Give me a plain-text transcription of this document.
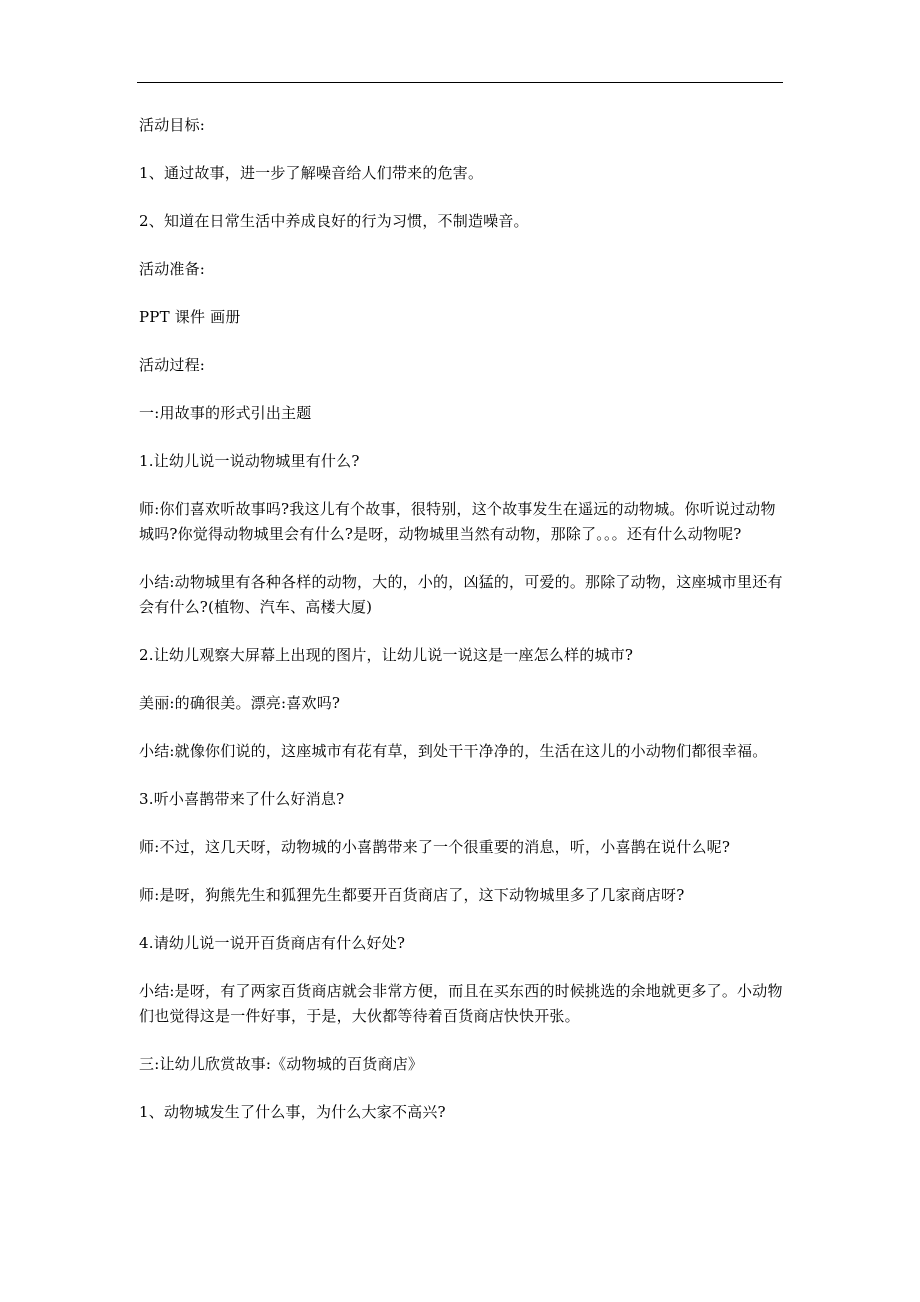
活动目标:

1、通过故事，进一步了解噪音给人们带来的危害。

2、知道在日常生活中养成良好的行为习惯，不制造噪音。

活动准备:

PPT 课件 画册

活动过程:

一:用故事的形式引出主题

1.让幼儿说一说动物城里有什么?

师:你们喜欢听故事吗?我这儿有个故事，很特别，这个故事发生在遥远的动物城。你听说过动物城吗?你觉得动物城里会有什么?是呀，动物城里当然有动物，那除了。。。还有什么动物呢?

小结:动物城里有各种各样的动物，大的，小的，凶猛的，可爱的。那除了动物，这座城市里还有会有什么?(植物、汽车、高楼大厦)

2.让幼儿观察大屏幕上出现的图片，让幼儿说一说这是一座怎么样的城市?

美丽:的确很美。漂亮:喜欢吗?

小结:就像你们说的，这座城市有花有草，到处干干净净的，生活在这儿的小动物们都很幸福。

3.听小喜鹊带来了什么好消息?

师:不过，这几天呀，动物城的小喜鹊带来了一个很重要的消息，听，小喜鹊在说什么呢?

师:是呀，狗熊先生和狐狸先生都要开百货商店了，这下动物城里多了几家商店呀?

4.请幼儿说一说开百货商店有什么好处?

小结:是呀，有了两家百货商店就会非常方便，而且在买东西的时候挑选的余地就更多了。小动物们也觉得这是一件好事，于是，大伙都等待着百货商店快快开张。

三:让幼儿欣赏故事:《动物城的百货商店》

1、动物城发生了什么事，为什么大家不高兴?
